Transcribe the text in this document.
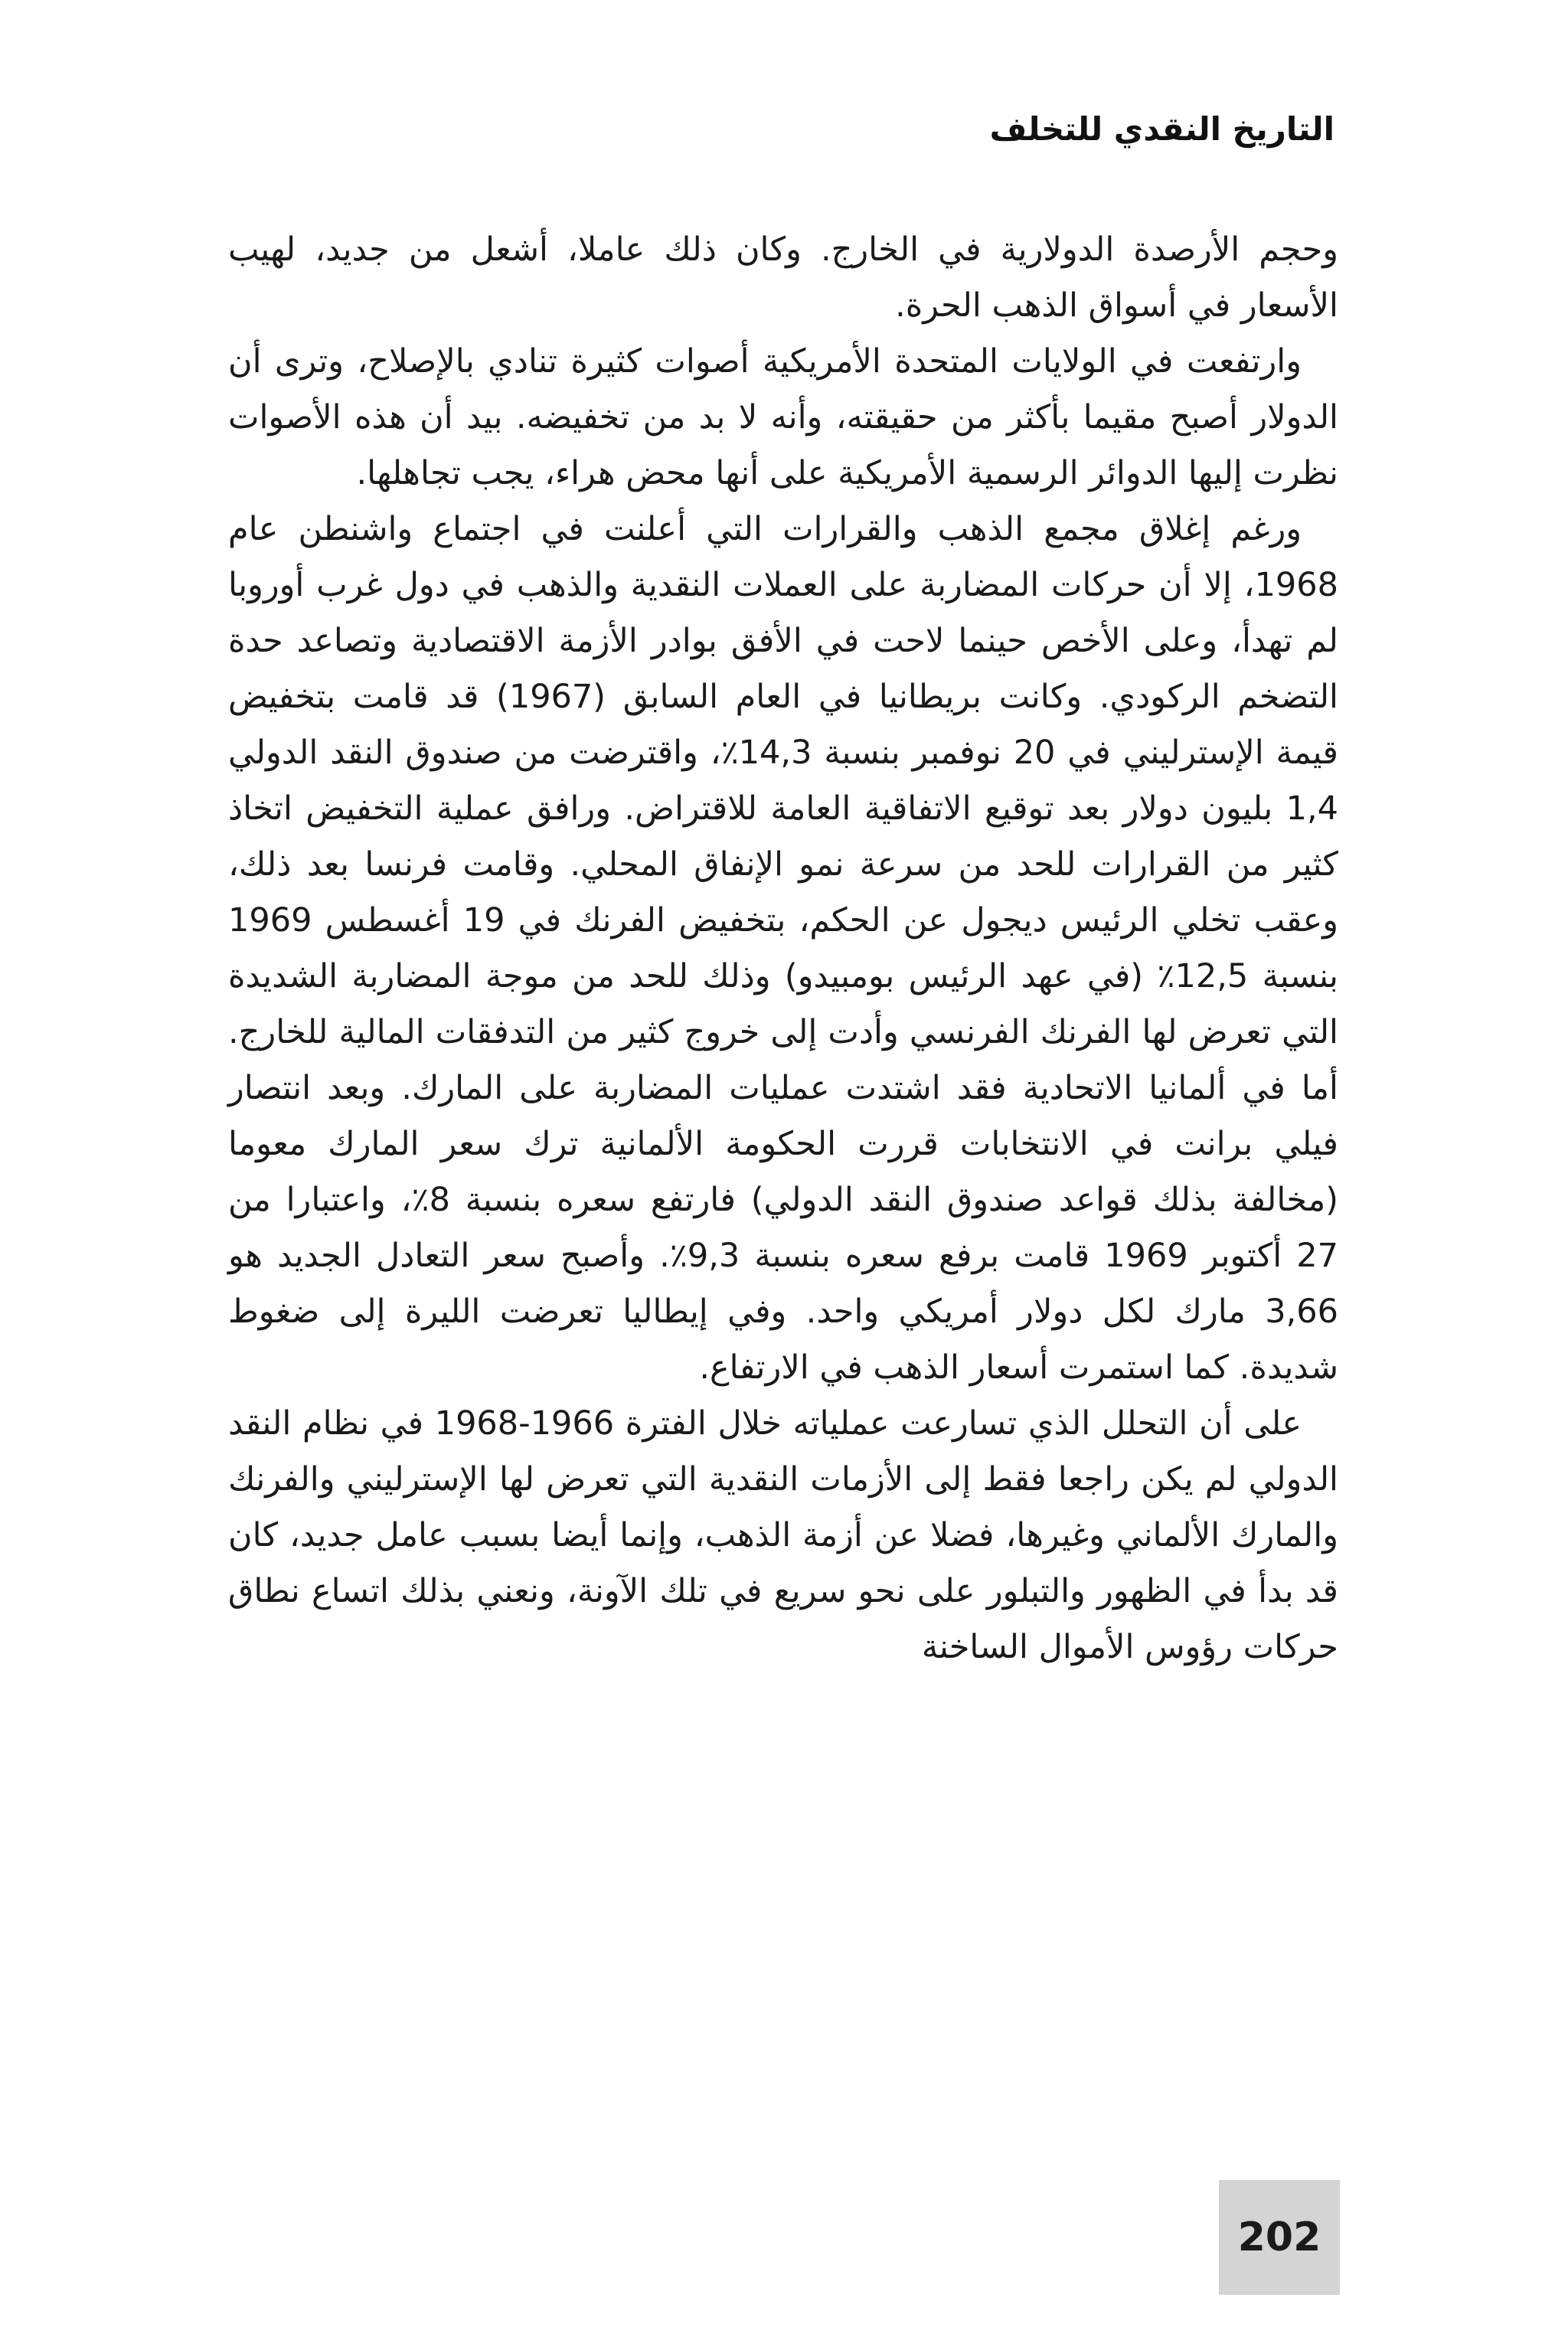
التاريخ النقدي للتخلف

وحجم الأرصدة الدولارية في الخارج. وكان ذلك عاملا، أشعل من جديد، لهيب الأسعار في أسواق الذهب الحرة.

وارتفعت في الولايات المتحدة الأمريكية أصوات كثيرة تنادي بالإصلاح، وترى أن الدولار أصبح مقيما بأكثر من حقيقته، وأنه لا بد من تخفيضه. بيد أن هذه الأصوات نظرت إليها الدوائر الرسمية الأمريكية على أنها محض هراء، يجب تجاهلها.

ورغم إغلاق مجمع الذهب والقرارات التي أعلنت في اجتماع واشنطن عام 1968، إلا أن حركات المضاربة على العملات النقدية والذهب في دول غرب أوروبا لم تهدأ، وعلى الأخص حينما لاحت في الأفق بوادر الأزمة الاقتصادية وتصاعد حدة التضخم الركودي. وكانت بريطانيا في العام السابق (1967) قد قامت بتخفيض قيمة الإسترليني في 20 نوفمبر بنسبة 14,3٪، واقترضت من صندوق النقد الدولي 1,4 بليون دولار بعد توقيع الاتفاقية العامة للاقتراض. ورافق عملية التخفيض اتخاذ كثير من القرارات للحد من سرعة نمو الإنفاق المحلي. وقامت فرنسا بعد ذلك، وعقب تخلي الرئيس ديجول عن الحكم، بتخفيض الفرنك في 19 أغسطس 1969 بنسبة 12,5٪ (في عهد الرئيس بومبيدو) وذلك للحد من موجة المضاربة الشديدة التي تعرض لها الفرنك الفرنسي وأدت إلى خروج كثير من التدفقات المالية للخارج. أما في ألمانيا الاتحادية فقد اشتدت عمليات المضاربة على المارك. وبعد انتصار فيلي برانت في الانتخابات قررت الحكومة الألمانية ترك سعر المارك معوما (مخالفة بذلك قواعد صندوق النقد الدولي) فارتفع سعره بنسبة 8٪، واعتبارا من 27 أكتوبر 1969 قامت برفع سعره بنسبة 9,3٪. وأصبح سعر التعادل الجديد هو 3,66 مارك لكل دولار أمريكي واحد. وفي إيطاليا تعرضت الليرة إلى ضغوط شديدة. كما استمرت أسعار الذهب في الارتفاع.

على أن التحلل الذي تسارعت عملياته خلال الفترة 1966-1968 في نظام النقد الدولي لم يكن راجعا فقط إلى الأزمات النقدية التي تعرض لها الإسترليني والفرنك والمارك الألماني وغيرها، فضلا عن أزمة الذهب، وإنما أيضا بسبب عامل جديد، كان قد بدأ في الظهور والتبلور على نحو سريع في تلك الآونة، ونعني بذلك اتساع نطاق حركات رؤوس الأموال الساخنة

202
